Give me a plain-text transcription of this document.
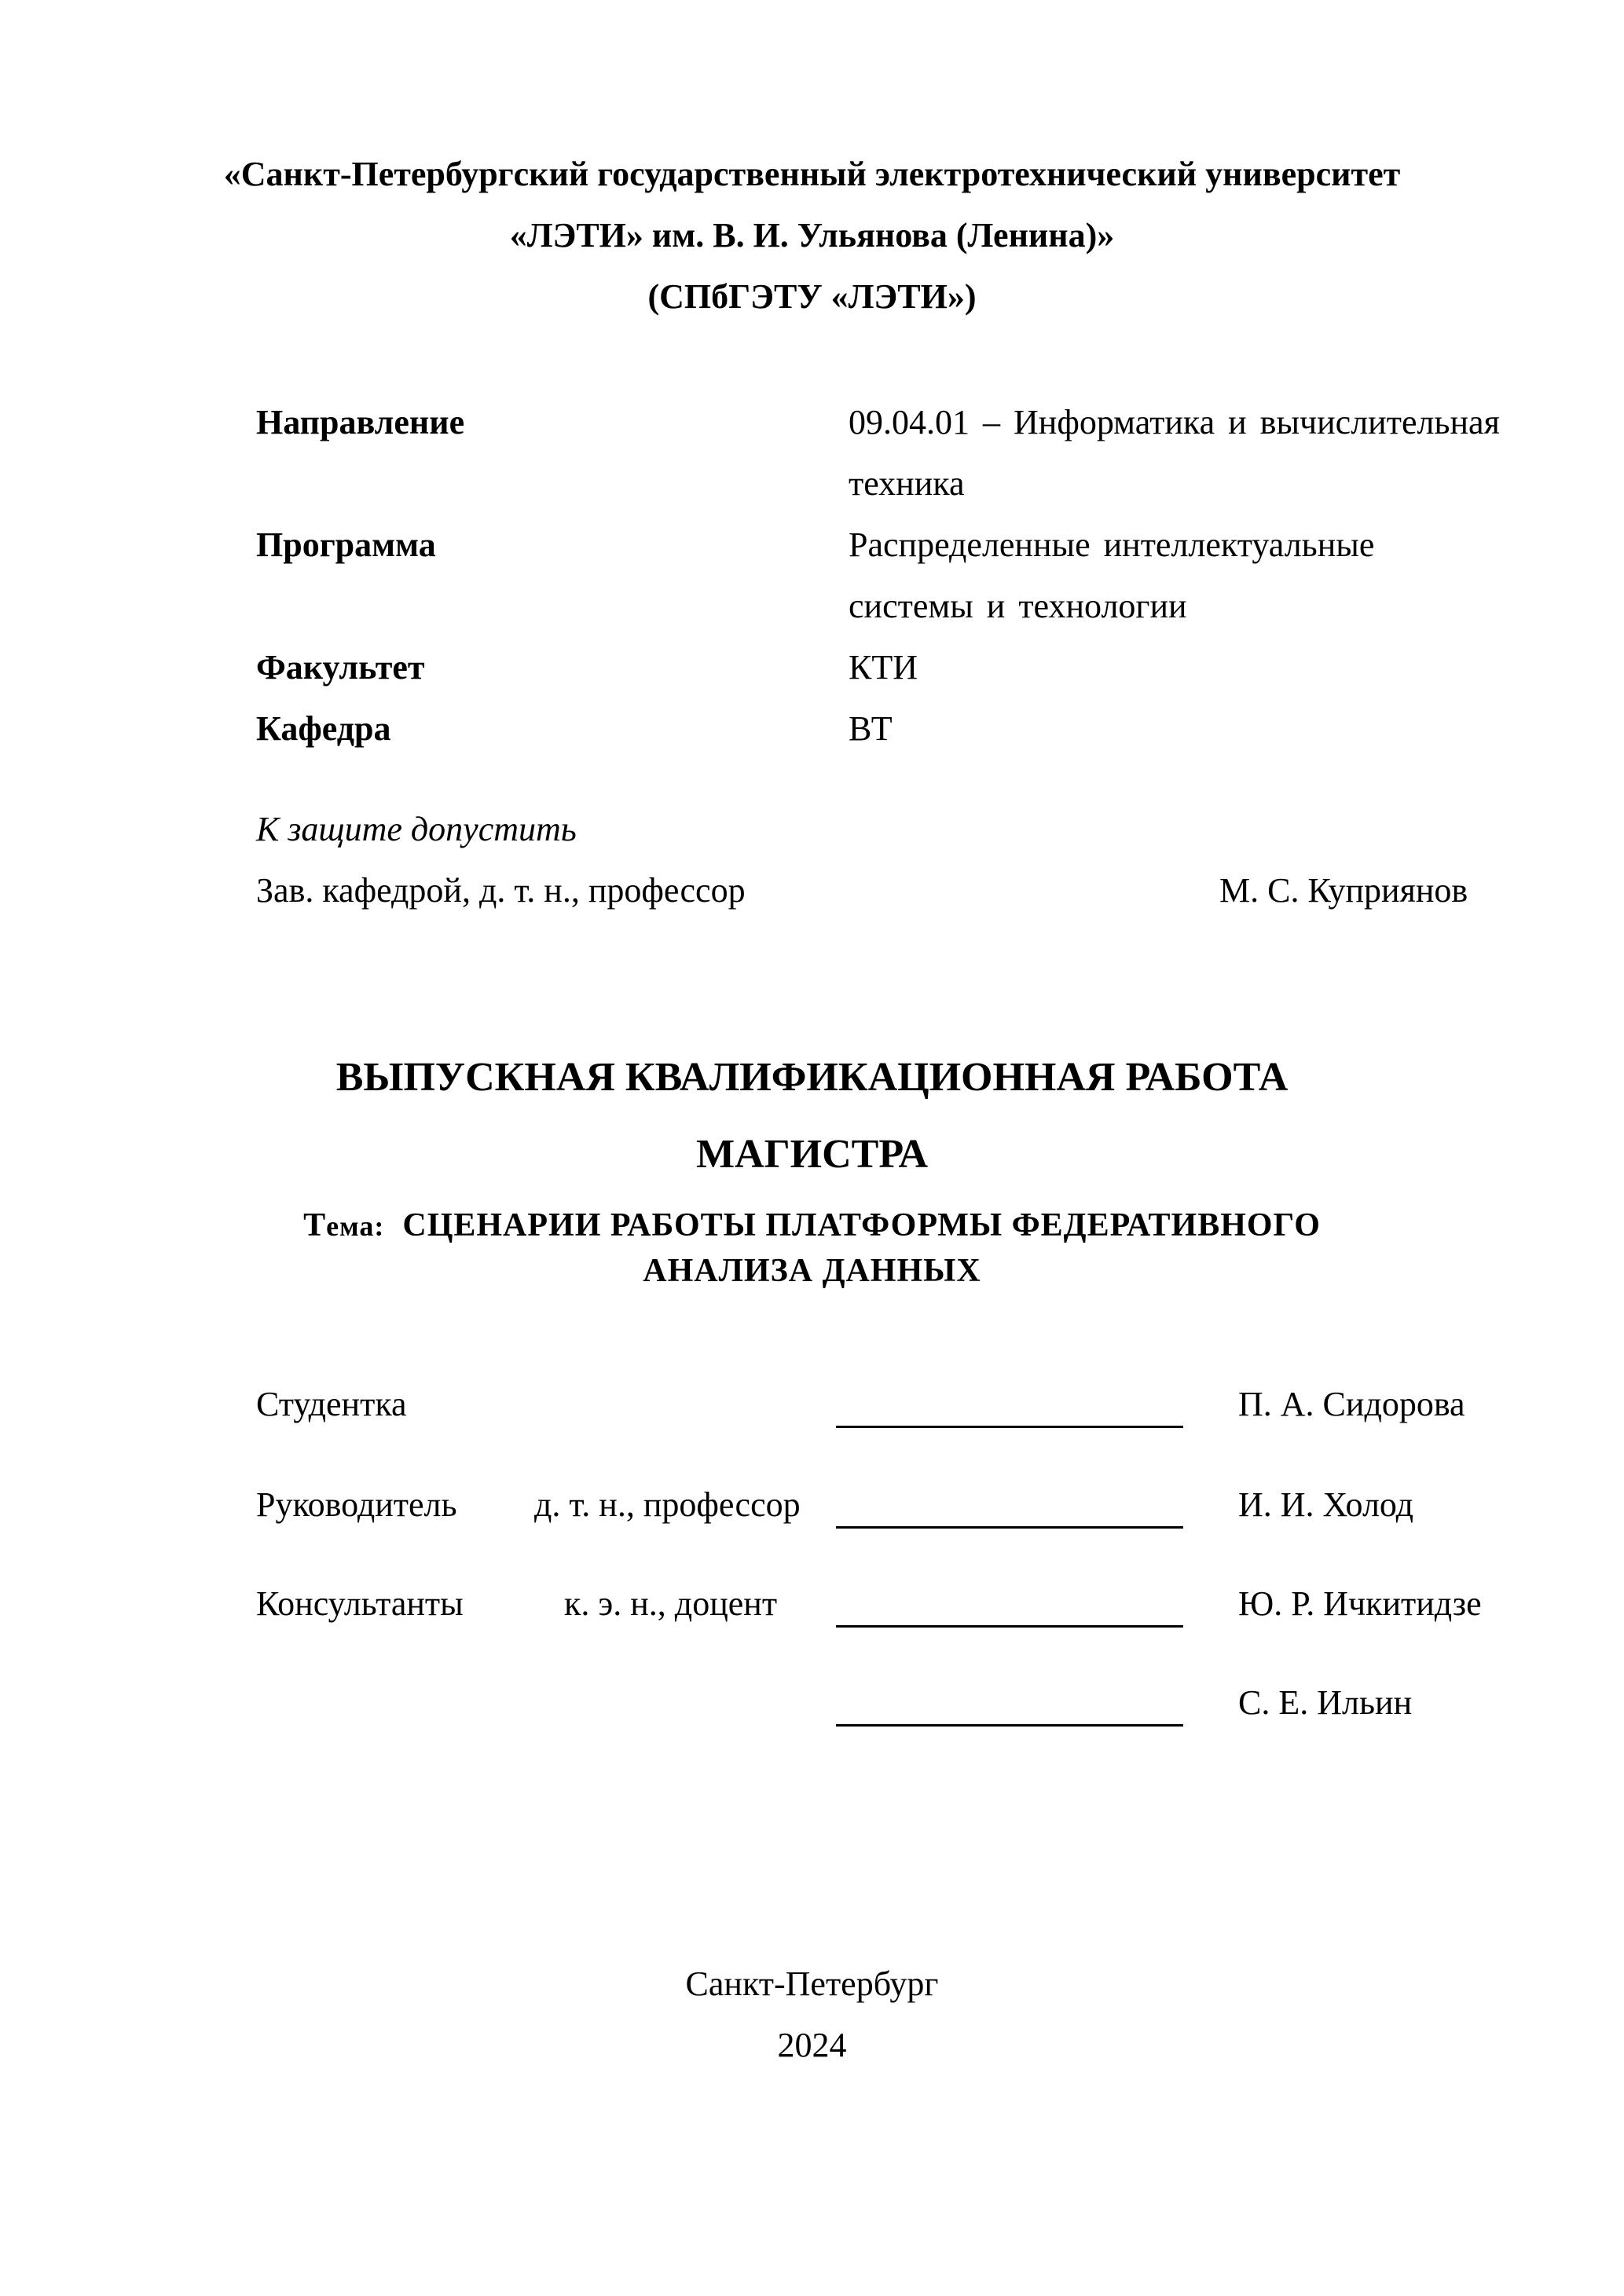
«Санкт-Петербургский государственный электротехнический университет
«ЛЭТИ» им. В. И. Ульянова (Ленина)»
(СПбГЭТУ «ЛЭТИ»)
Направление	09.04.01 – Информатика и вычислительная
техника
Программа	Распределенные интеллектуальные
системы и технологии
Факультет	КТИ
Кафедра	ВТ
К защите допустить
Зав. кафедрой, д. т. н., профессор	М. С. Куприянов
ВЫПУСКНАЯ КВАЛИФИКАЦИОННАЯ РАБОТА
МАГИСТРА
Тема: СЦЕНАРИИ РАБОТЫ ПЛАТФОРМЫ ФЕДЕРАТИВНОГО
АНАЛИЗА ДАННЫХ
Студентка	П. А. Сидорова
Руководитель д. т. н., профессор	И. И. Холод
Консультанты	к. э. н., доцент	Ю. Р. Ичкитидзе
С. Е. Ильин
Санкт-Петербург
2024
